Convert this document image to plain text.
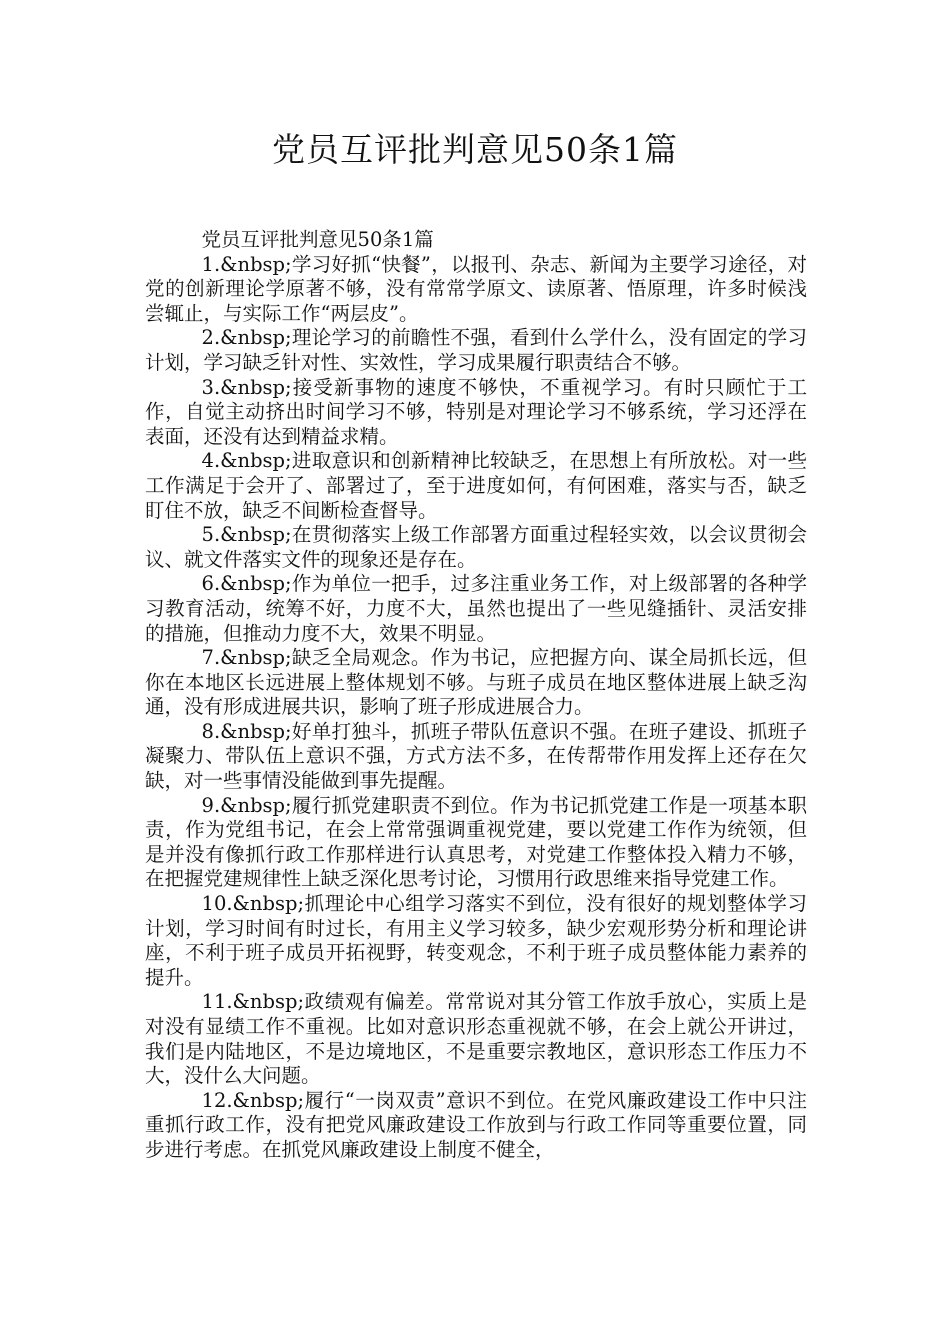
党员互评批判意见50条1篇

党员互评批判意见50条1篇

1.&nbsp;学习好抓“快餐”，以报刊、杂志、新闻为主要学习途径，对党的创新理论学原著不够，没有常常学原文、读原著、悟原理，许多时候浅尝辄止，与实际工作“两层皮”。

2.&nbsp;理论学习的前瞻性不强，看到什么学什么，没有固定的学习计划，学习缺乏针对性、实效性，学习成果履行职责结合不够。

3.&nbsp;接受新事物的速度不够快，不重视学习。有时只顾忙于工作，自觉主动挤出时间学习不够，特别是对理论学习不够系统，学习还浮在表面，还没有达到精益求精。

4.&nbsp;进取意识和创新精神比较缺乏，在思想上有所放松。对一些工作满足于会开了、部署过了，至于进度如何，有何困难，落实与否，缺乏盯住不放，缺乏不间断检查督导。

5.&nbsp;在贯彻落实上级工作部署方面重过程轻实效，以会议贯彻会议、就文件落实文件的现象还是存在。

6.&nbsp;作为单位一把手，过多注重业务工作，对上级部署的各种学习教育活动，统筹不好，力度不大，虽然也提出了一些见缝插针、灵活安排的措施，但推动力度不大，效果不明显。

7.&nbsp;缺乏全局观念。作为书记，应把握方向、谋全局抓长远，但你在本地区长远进展上整体规划不够。与班子成员在地区整体进展上缺乏沟通，没有形成进展共识，影响了班子形成进展合力。

8.&nbsp;好单打独斗，抓班子带队伍意识不强。在班子建设、抓班子凝聚力、带队伍上意识不强，方式方法不多，在传帮带作用发挥上还存在欠缺，对一些事情没能做到事先提醒。

9.&nbsp;履行抓党建职责不到位。作为书记抓党建工作是一项基本职责，作为党组书记，在会上常常强调重视党建，要以党建工作作为统领，但是并没有像抓行政工作那样进行认真思考，对党建工作整体投入精力不够，在把握党建规律性上缺乏深化思考讨论，习惯用行政思维来指导党建工作。

10.&nbsp;抓理论中心组学习落实不到位，没有很好的规划整体学习计划，学习时间有时过长，有用主义学习较多，缺少宏观形势分析和理论讲座，不利于班子成员开拓视野，转变观念，不利于班子成员整体能力素养的提升。

11.&nbsp;政绩观有偏差。常常说对其分管工作放手放心，实质上是对没有显绩工作不重视。比如对意识形态重视就不够，在会上就公开讲过，我们是内陆地区，不是边境地区，不是重要宗教地区，意识形态工作压力不大，没什么大问题。

12.&nbsp;履行“一岗双责”意识不到位。在党风廉政建设工作中只注重抓行政工作，没有把党风廉政建设工作放到与行政工作同等重要位置，同步进行考虑。在抓党风廉政建设上制度不健全，
